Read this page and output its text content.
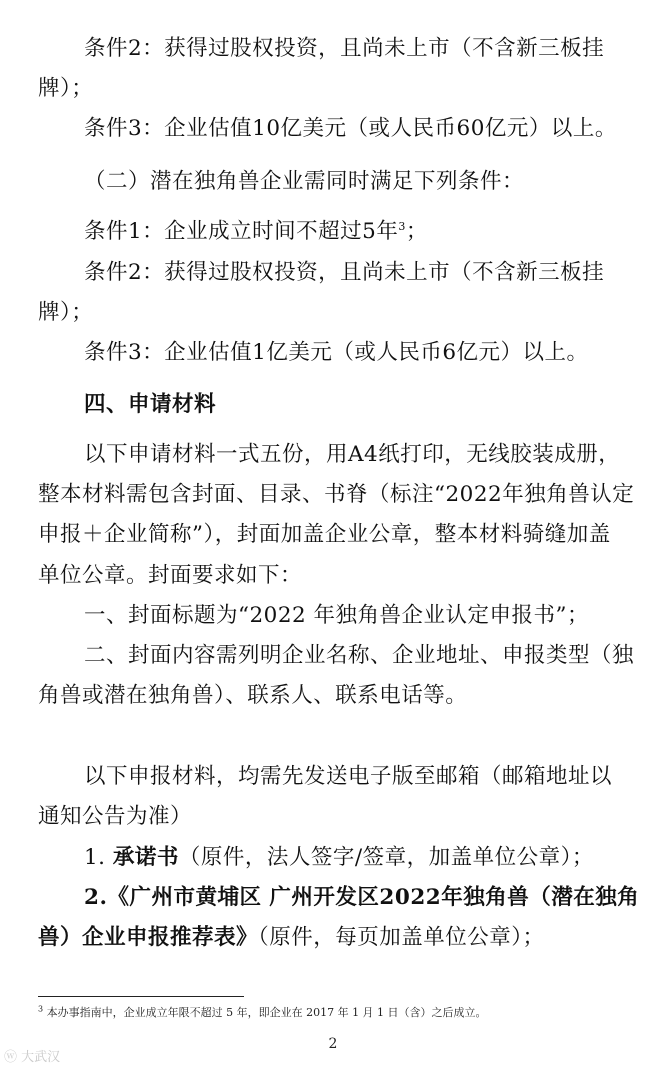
条件2：获得过股权投资，且尚未上市（不含新三板挂
牌）；
条件3：企业估值10亿美元（或人民币60亿元）以上。
（二）潜在独角兽企业需同时满足下列条件：
条件1：企业成立时间不超过5年$^3$；
条件2：获得过股权投资，且尚未上市（不含新三板挂
牌）；
条件3：企业估值1亿美元（或人民币6亿元）以上。
四、申请材料
以下申请材料一式五份，用A4纸打印，无线胶装成册，
整本材料需包含封面、目录、书脊（标注“2022年独角兽认定
申报＋企业简称”），封面加盖企业公章，整本材料骑缝加盖
单位公章。封面要求如下：
一、封面标题为“2022 年独角兽企业认定申报书”；
二、封面内容需列明企业名称、企业地址、申报类型（独
角兽或潜在独角兽）、联系人、联系电话等。
以下申报材料，均需先发送电子版至邮箱（邮箱地址以
通知公告为准）
1. 承诺书（原件，法人签字/签章，加盖单位公章）；
2.《广州市黄埔区 广州开发区2022年独角兽（潜在独角
兽）企业申报推荐表》（原件，每页加盖单位公章）；
$^3$ 本办事指南中，企业成立年限不超过 5 年，即企业在 2017 年 1 月 1 日（含）之后成立。
2
ⓦ 大武汉
